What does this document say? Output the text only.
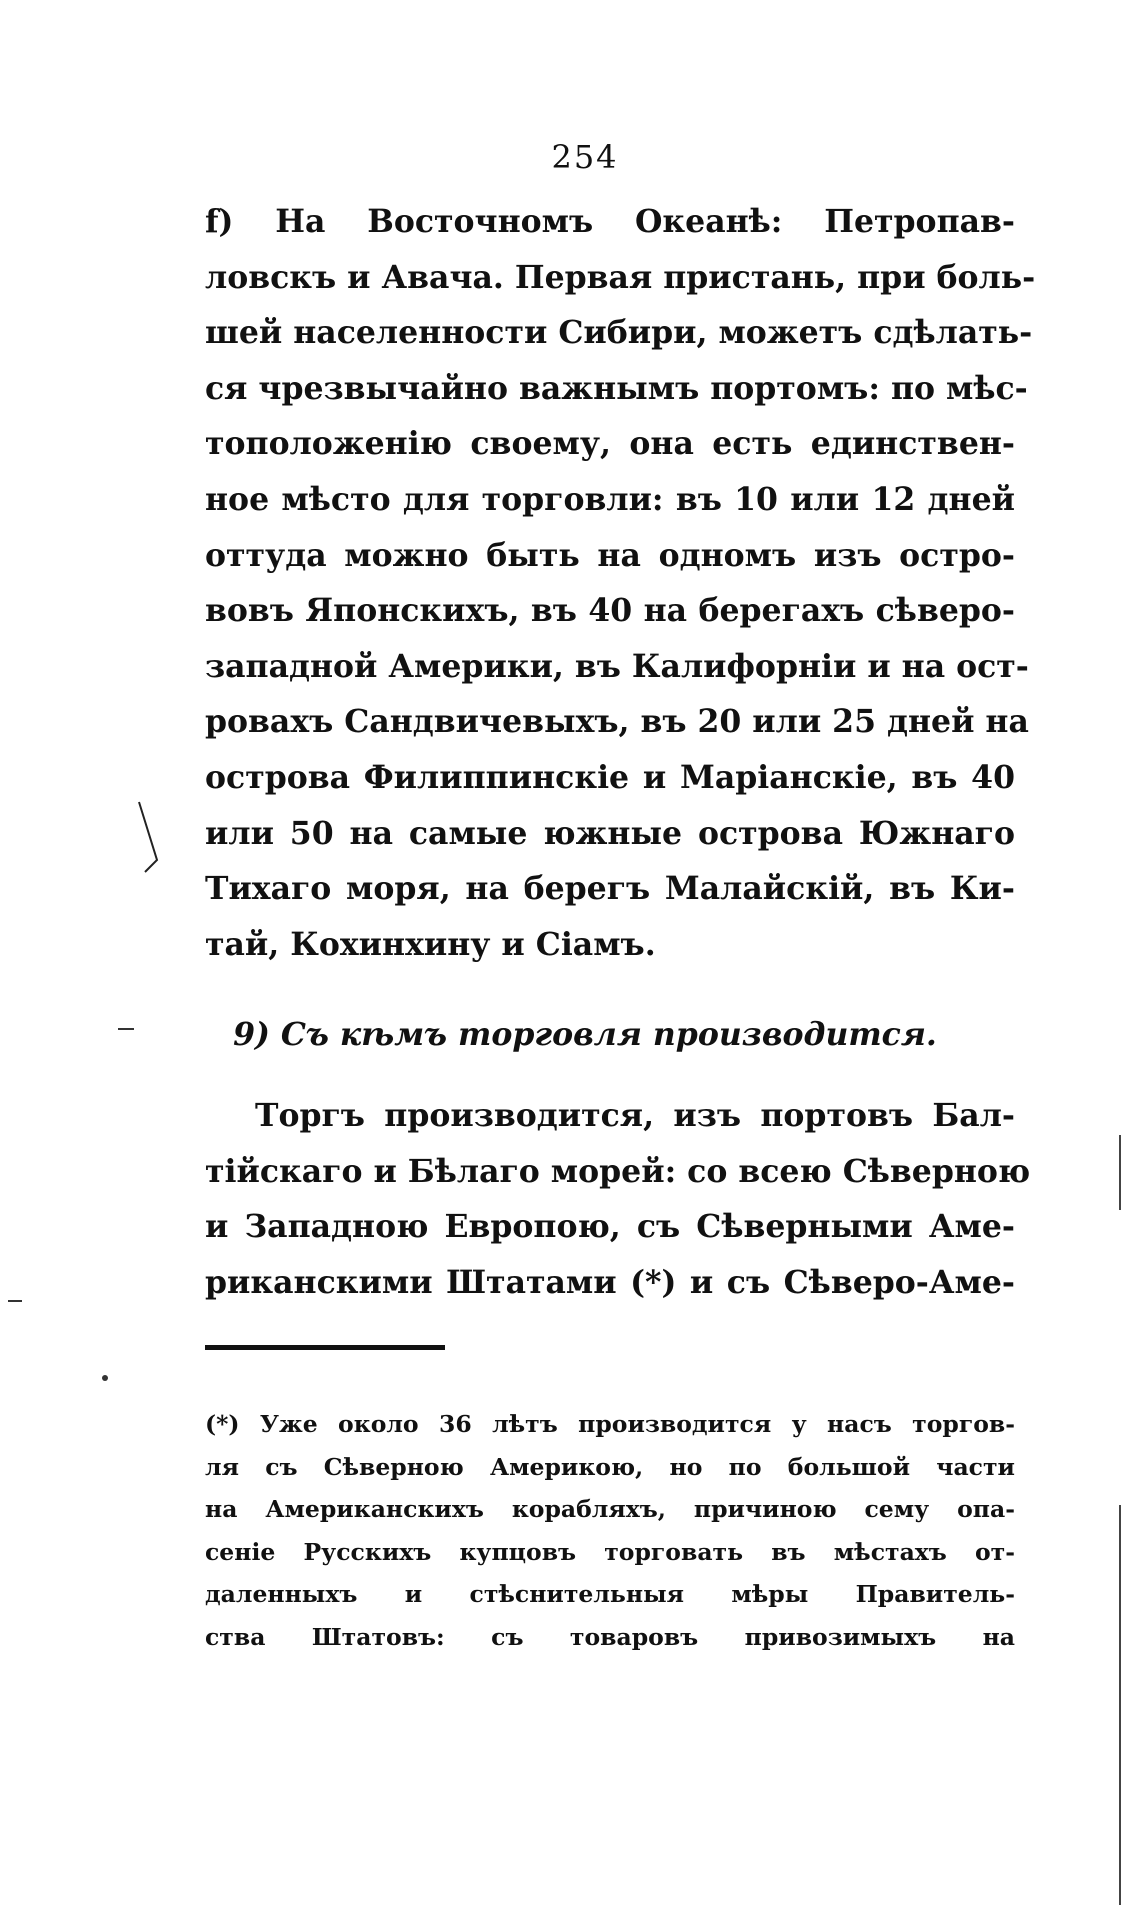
254
f) На Восточномъ Океанѣ: Петропав-
ловскъ и Авача. Первая пристань, при боль-
шей населенности Сибири, можетъ сдѣлать-
ся чрезвычайно важнымъ портомъ: по мѣс-
тоположенію своему, она есть единствен-
ное мѣсто для торговли: въ 10 или 12 дней
оттуда можно быть на одномъ изъ остро-
вовъ Японскихъ, въ 40 на берегахъ сѣверо-
западной Америки, въ Калифорніи и на ост-
ровахъ Сандвичевыхъ, въ 20 или 25 дней на
острова Филиппинскіе и Маріанскіе, въ 40
или 50 на самые южные острова Южнаго
Тихаго моря, на берегъ Малайскій, въ Ки-
тай, Кохинхину и Сіамъ.
9) Съ кѣмъ торговля производится.
Торгъ производится, изъ портовъ Бал-
тійскаго и Бѣлаго морей: со всею Сѣверною
и Западною Европою, съ Сѣверными Аме-
риканскими Штатами (*) и съ Сѣверо-Аме-
(*) Уже около 36 лѣтъ производится у насъ торгов-
ля съ Сѣверною Америкою, но по большой части
на Американскихъ корабляхъ, причиною сему опа-
сеніе Русскихъ купцовъ торговать въ мѣстахъ от-
даленныхъ и стѣснительныя мѣры Правитель-
ства Штатовъ: съ товаровъ привозимыхъ на
